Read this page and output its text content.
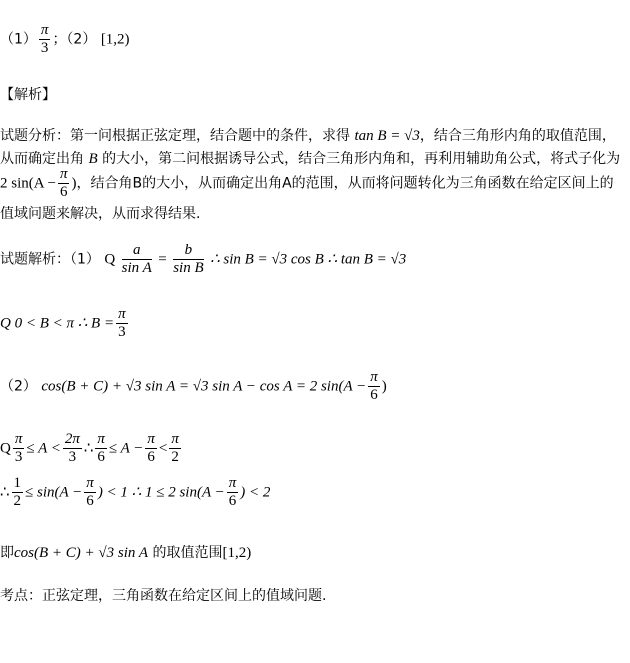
$(1) \frac{\pi}{3}$ ；（2） [1,2)
【解析】
试题分析：第一问根据正弦定理，结合题中的条件，求得 tan B = √3，结合三角形内角的取值范围，
从而确定出角 B 的大小，第二问根据诱导公式，结合三角形内角和，再利用辅助角公式，将式子化为
2 $\sin(A - \frac{\pi}{6}$ )，结合角B的大小，从而确定出角A的范围，从而将问题转化为三角函数在给定区间上的
值域问题来解决，从而求得结果.
试题解析：（1） Q $\frac{a}{\text{sin A}} = \frac{b}{\text{sin B}}$ ∴ sin B = √3 cos B ∴ tan B = √3
Q 0 < B < π ∴ $B = \frac{\pi}{3}$
（2） cos(B + C) + √3 sin A = √3 sin A − cos A = 2 $\sin(A - \frac{\pi}{6}$ )
Q $\frac{\pi}{3} \le A < \frac{2\pi}{3}$ ∴ $\frac{\pi}{6} \le A - \frac{\pi}{6} < \frac{\pi}{2}$
∴ $\frac{1}{2} \le \sin(A - \frac{\pi}{6}$ ) < 1 ∴ 1 ≤ 2 $\sin(A - \frac{\pi}{6}$ ) < 2
即cos(B + C) + √3 sin A 的取值范围[1,2)
考点：正弦定理，三角函数在给定区间上的值域问题.
